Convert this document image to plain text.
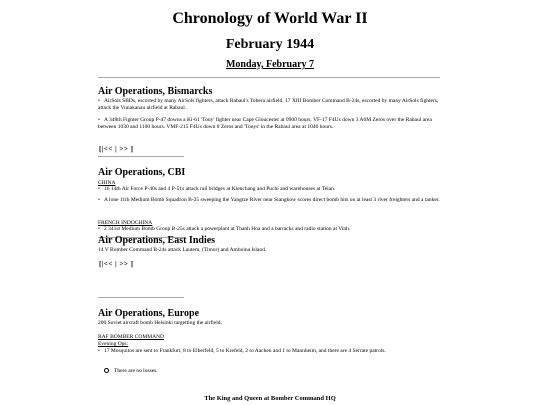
Chronology of World War II
February 1944
Monday, February 7
Air Operations, Bismarcks
• AirSols SBDs, escorted by many AirSols fighters, attack Rabaul's Tobera airfield. 17 XIII Bomber Command B-24s, escorted by many AirSols fighters, attack the Vunakanau airfield at Rabaul.
• A 348th Fighter Group P-47 downs a Ki-61 'Tony' fighter near Cape Gloucester at 0900 hours. VF-17 F4Us down 3 A6M Zeros over the Rabaul area between 1030 and 1100 hours. VMF-215 F4Us down 8 Zeros and 'Tonys' in the Rabaul area at 1040 hours.
[|<< | >> ]
Air Operations, CBI
CHINA
• 16 14th Air Force P-40s and 4 P-51s attack rail bridges at Kienchang and Puchi and warehouses at Teian.
• A lone 11th Medium Bomb Squadron B-25 sweeping the Yangtze River near Siangkow scores direct bomb hits on at least 3 river freighters and a tanker.
FRENCH INDOCHINA
• 2 341st Medium Bomb Group B-25s attack a powerplant at Thanh Hoa and a barracks and radio station at Vinh.
Air Operations, East Indies
14 V Bomber Command B-24s attack Lautem, (Timor) and Amboina Island.
[|<< | >> ]
Air Operations, Europe
200 Soviet aircraft bomb Helsinki targetting the airfield.
RAF BOMBER COMMAND
Evening Ops:
• 17 Mosquitos are sent to Frankfurt, 8 to Elberfeld, 5 to Krefeld, 2 to Aachen and 1 to Mannheim, and there are 4 Serrate patrols.
There are no losses.
The King and Queen at Bomber Command HQ
